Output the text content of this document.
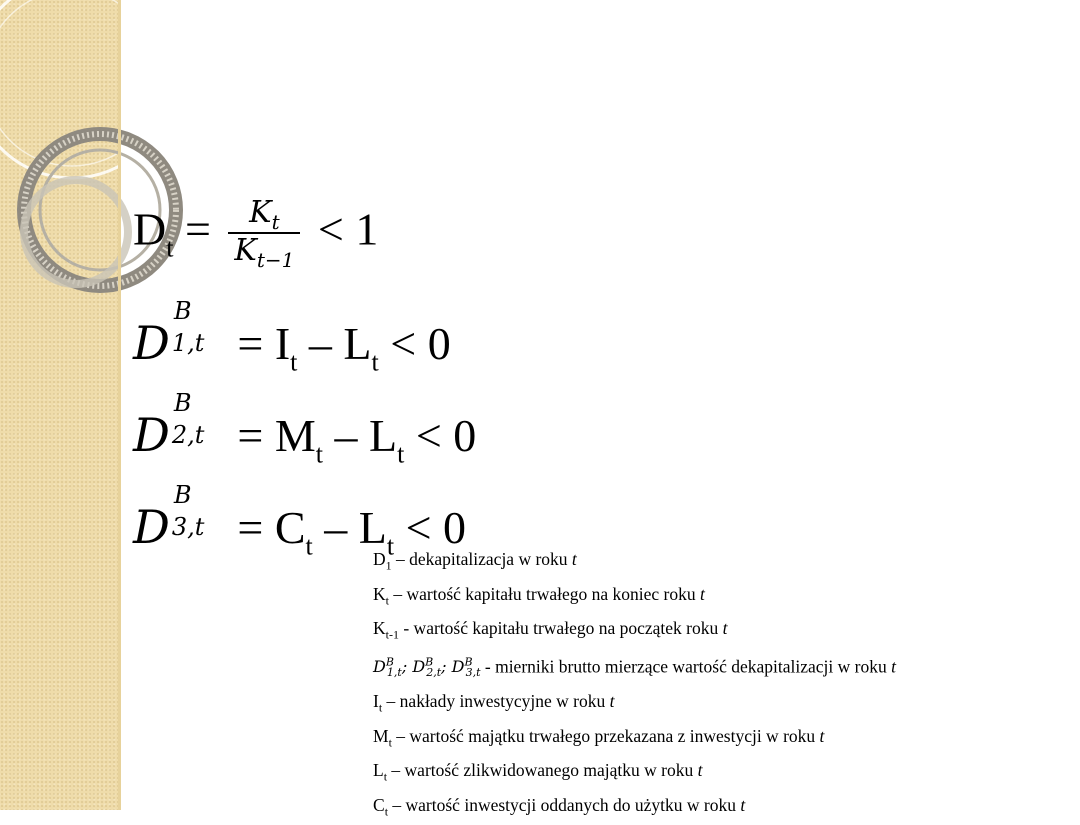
$D_t = \frac{K_t}{K_{t-1}} < 1$
D
B
$1,t = I_t - L_t < 0$
D
B
$2,t = M_t - L_t < 0$
D
B
$3,t = C_t - L_t < 0$
$D_1$ – dekapitalizacja w roku t
$K_t$ – wartość kapitału trwałego na koniec roku t
$K_{t-1}$ - wartość kapitału trwałego na początek roku t
$D^B_{1,t}$; $D^B_{2,t}$; $D^B_{3,t}$ - mierniki brutto mierzące wartość dekapitalizacji w roku t
$I_t$ – nakłady inwestycyjne w roku t
$M_t$ – wartość majątku trwałego przekazana z inwestycji w roku t
$L_t$ – wartość zlikwidowanego majątku w roku t
$C_t$ – wartość inwestycji oddanych do użytku w roku t
